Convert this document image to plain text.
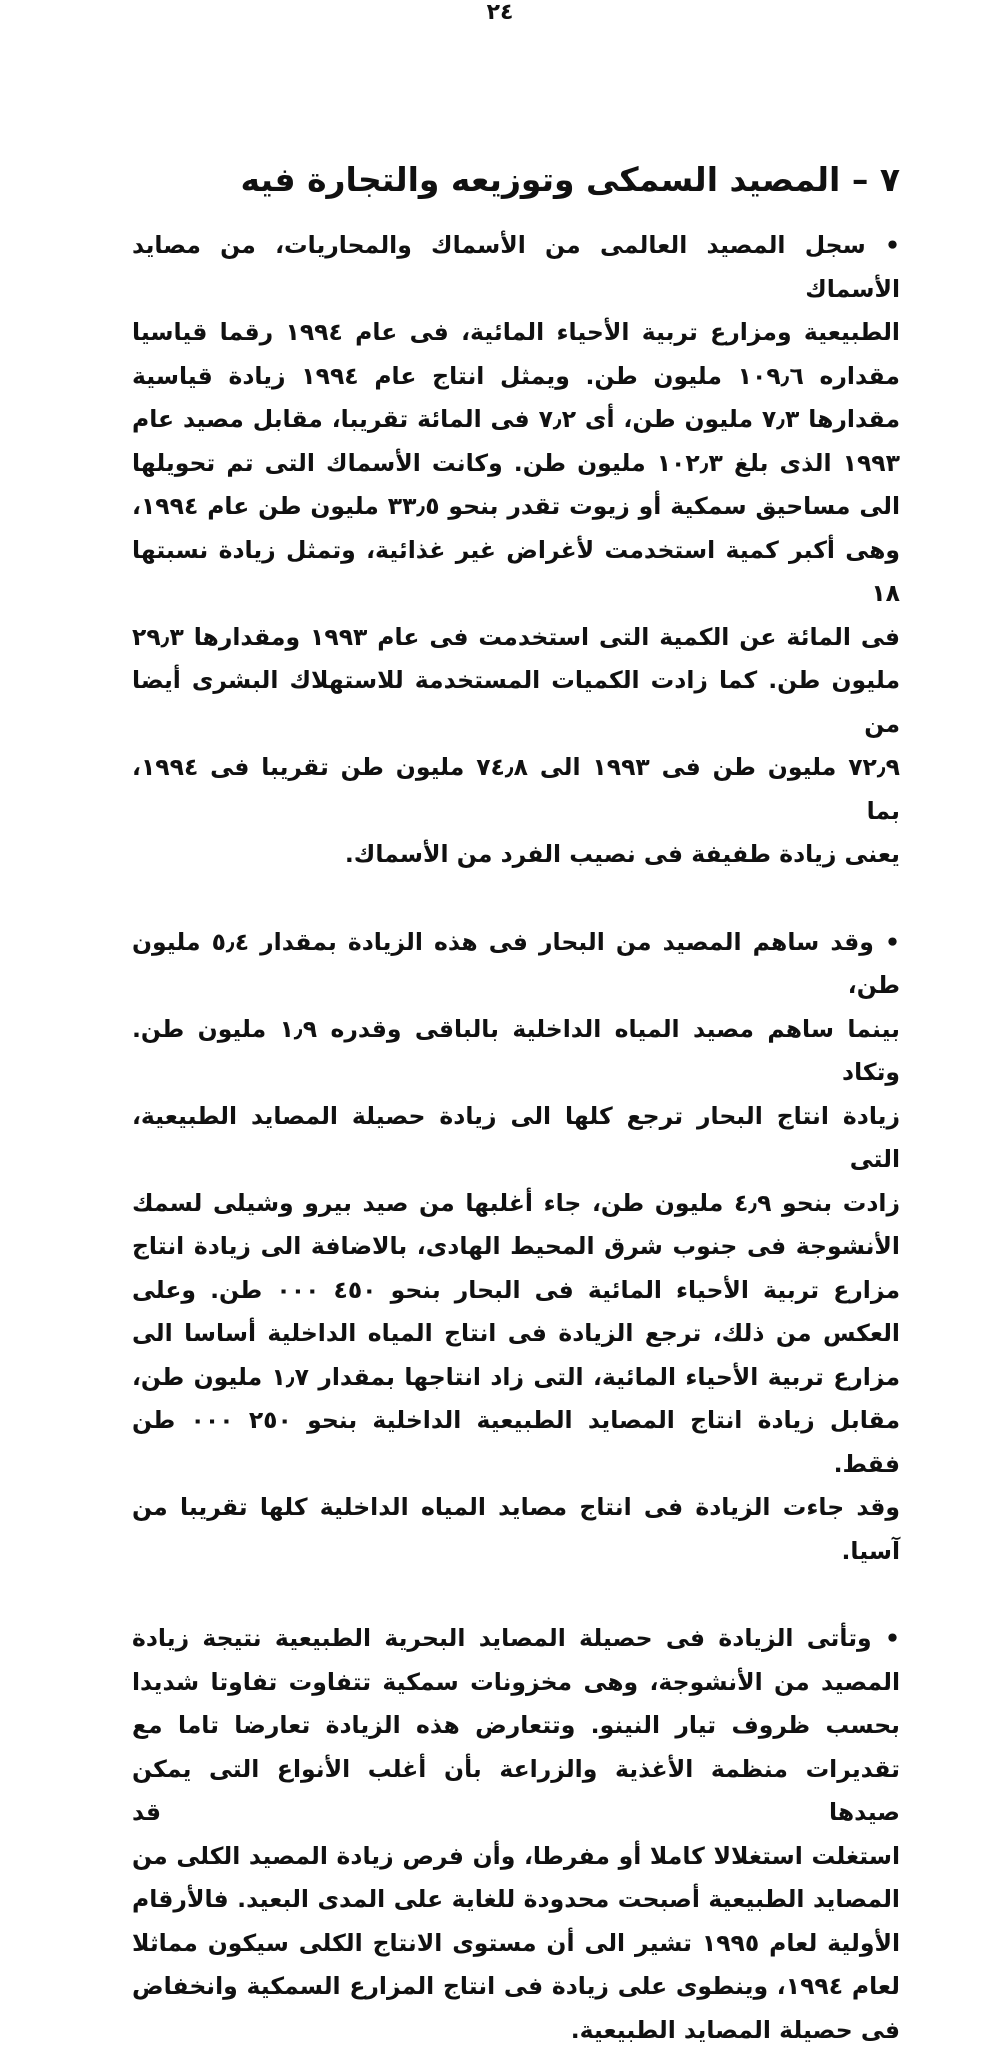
٢٤
٧ – المصيد السمكى وتوزيعه والتجارة فيه
• سجل المصيد العالمى من الأسماك والمحاريات، من مصايد الأسماك
الطبيعية ومزارع تربية الأحياء المائية، فى عام ١٩٩٤ رقما قياسيا
مقداره ١٠٩٫٦ مليون طن. ويمثل انتاج عام ١٩٩٤ زيادة قياسية
مقدارها ٧٫٣ مليون طن، أى ٧٫٢ فى المائة تقريبا، مقابل مصيد عام
١٩٩٣ الذى بلغ ١٠٢٫٣ مليون طن. وكانت الأسماك التى تم تحويلها
الى مساحيق سمكية أو زيوت تقدر بنحو ٣٣٫٥ مليون طن عام ١٩٩٤،
وهى أكبر كمية استخدمت لأغراض غير غذائية، وتمثل زيادة نسبتها ١٨
فى المائة عن الكمية التى استخدمت فى عام ١٩٩٣ ومقدارها ٢٩٫٣
مليون طن. كما زادت الكميات المستخدمة للاستهلاك البشرى أيضا من
٧٢٫٩ مليون طن فى ١٩٩٣ الى ٧٤٫٨ مليون طن تقريبا فى ١٩٩٤، بما
يعنى زيادة طفيفة فى نصيب الفرد من الأسماك.
• وقد ساهم المصيد من البحار فى هذه الزيادة بمقدار ٥٫٤ مليون طن،
بينما ساهم مصيد المياه الداخلية بالباقى وقدره ١٫٩ مليون طن. وتكاد
زيادة انتاج البحار ترجع كلها الى زيادة حصيلة المصايد الطبيعية، التى
زادت بنحو ٤٫٩ مليون طن، جاء أغلبها من صيد بيرو وشيلى لسمك
الأنشوجة فى جنوب شرق المحيط الهادى، بالاضافة الى زيادة انتاج
مزارع تربية الأحياء المائية فى البحار بنحو ٤٥٠ ٠٠٠ طن. وعلى
العكس من ذلك، ترجع الزيادة فى انتاج المياه الداخلية أساسا الى
مزارع تربية الأحياء المائية، التى زاد انتاجها بمقدار ١٫٧ مليون طن،
مقابل زيادة انتاج المصايد الطبيعية الداخلية بنحو ٢٥٠ ٠٠٠ طن فقط.
وقد جاءت الزيادة فى انتاج مصايد المياه الداخلية كلها تقريبا من آسيا.
• وتأتى الزيادة فى حصيلة المصايد البحرية الطبيعية نتيجة زيادة
المصيد من الأنشوجة، وهى مخزونات سمكية تتفاوت تفاوتا شديدا
بحسب ظروف تيار النينو. وتتعارض هذه الزيادة تعارضا تاما مع
تقديرات منظمة الأغذية والزراعة بأن أغلب الأنواع التى يمكن صيدها قد
استغلت استغلالا كاملا أو مفرطا، وأن فرص زيادة المصيد الكلى من
المصايد الطبيعية أصبحت محدودة للغاية على المدى البعيد. فالأرقام
الأولية لعام ١٩٩٥ تشير الى أن مستوى الانتاج الكلى سيكون مماثلا
لعام ١٩٩٤، وينطوى على زيادة فى انتاج المزارع السمكية وانخفاض
فى حصيلة المصايد الطبيعية.
